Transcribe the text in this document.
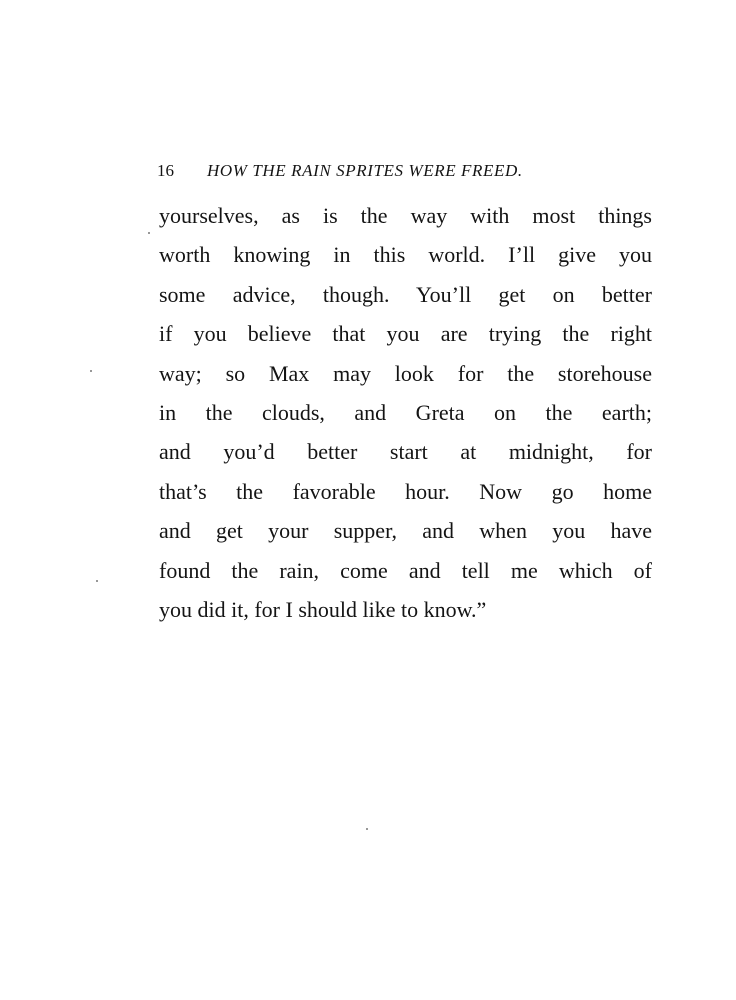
16 HOW THE RAIN SPRITES WERE FREED.
yourselves, as is the way with most things
worth knowing in this world. I’ll give you
some advice, though. You’ll get on better
if you believe that you are trying the right
way; so Max may look for the storehouse
in the clouds, and Greta on the earth;
and you’d better start at midnight, for
that’s the favorable hour. Now go home
and get your supper, and when you have
found the rain, come and tell me which of
you did it, for I should like to know.”
